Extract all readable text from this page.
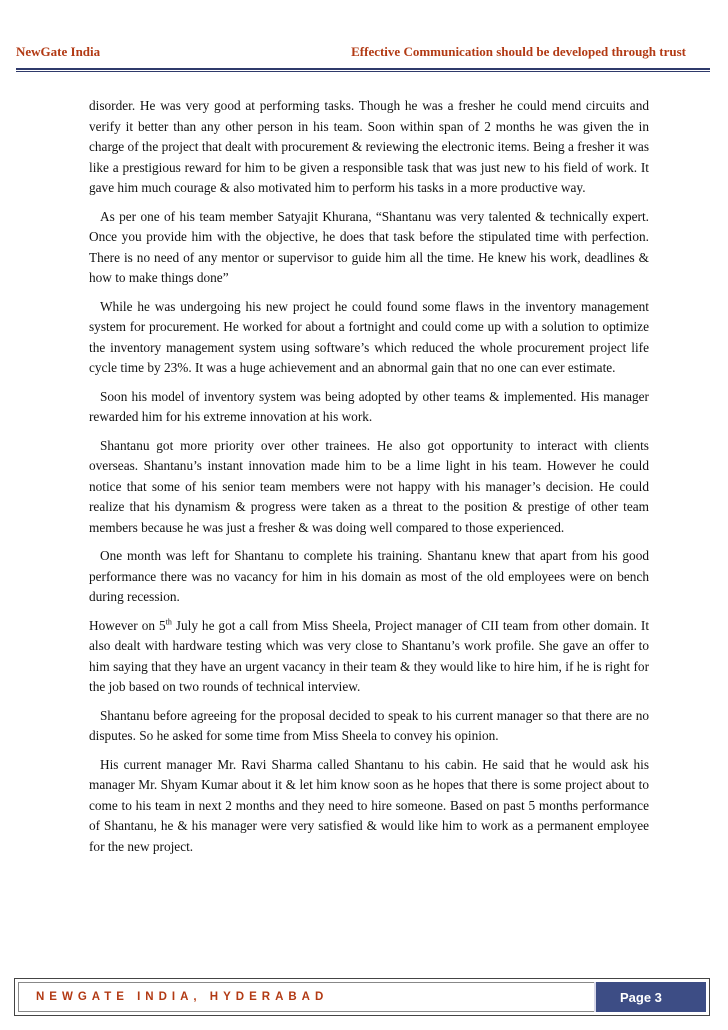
NewGate India	Effective Communication should be developed through trust

disorder. He was very good at performing tasks. Though he was a fresher he could mend circuits and verify it better than any other person in his team. Soon within span of 2 months he was given the in charge of the project that dealt with procurement & reviewing the electronic items. Being a fresher it was like a prestigious reward for him to be given a responsible task that was just new to his field of work. It gave him much courage & also motivated him to perform his tasks in a more productive way.

As per one of his team member Satyajit Khurana, “Shantanu was very talented & technically expert. Once you provide him with the objective, he does that task before the stipulated time with perfection. There is no need of any mentor or supervisor to guide him all the time. He knew his work, deadlines & how to make things done”

While he was undergoing his new project he could found some flaws in the inventory management system for procurement. He worked for about a fortnight and could come up with a solution to optimize the inventory management system using software’s which reduced the whole procurement project life cycle time by 23%. It was a huge achievement and an abnormal gain that no one can ever estimate.

Soon his model of inventory system was being adopted by other teams & implemented. His manager rewarded him for his extreme innovation at his work.

Shantanu got more priority over other trainees. He also got opportunity to interact with clients overseas. Shantanu’s instant innovation made him to be a lime light in his team. However he could notice that some of his senior team members were not happy with his manager’s decision. He could realize that his dynamism & progress were taken as a threat to the position & prestige of other team members because he was just a fresher & was doing well compared to those experienced.

One month was left for Shantanu to complete his training. Shantanu knew that apart from his good performance there was no vacancy for him in his domain as most of the old employees were on bench during recession.

However on 5th July he got a call from Miss Sheela, Project manager of CII team from other domain. It also dealt with hardware testing which was very close to Shantanu’s work profile. She gave an offer to him saying that they have an urgent vacancy in their team & they would like to hire him, if he is right for the job based on two rounds of technical interview.

Shantanu before agreeing for the proposal decided to speak to his current manager so that there are no disputes. So he asked for some time from Miss Sheela to convey his opinion.

His current manager Mr. Ravi Sharma called Shantanu to his cabin. He said that he would ask his manager Mr. Shyam Kumar about it & let him know soon as he hopes that there is some project about to come to his team in next 2 months and they need to hire someone. Based on past 5 months performance of Shantanu, he & his manager were very satisfied & would like him to work as a permanent employee for the new project.

NEWGATE INDIA, HYDERABAD	Page 3
